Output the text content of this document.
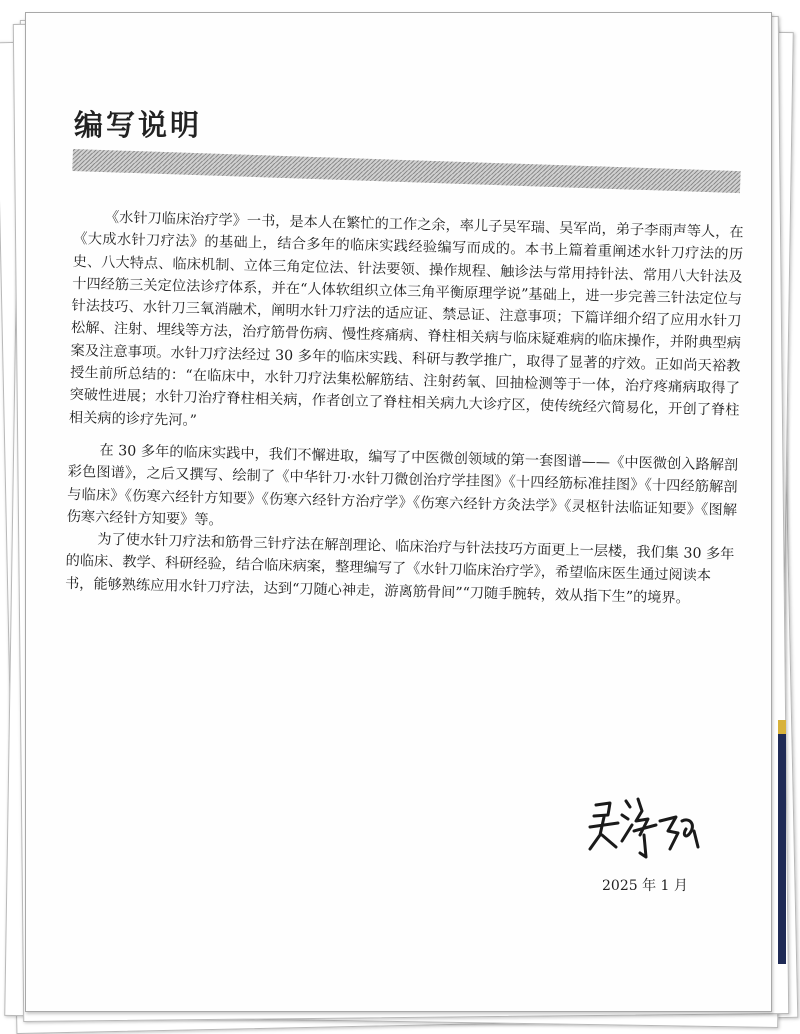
编写说明

《水针刀临床治疗学》一书，是本人在繁忙的工作之余，率儿子吴军瑞、吴军尚，弟子李雨声等人，在《大成水针刀疗法》的基础上，结合多年的临床实践经验编写而成的。本书上篇着重阐述水针刀疗法的历史、八大特点、临床机制、立体三角定位法、针法要领、操作规程、触诊法与常用持针法、常用八大针法及十四经筋三关定位法诊疗体系，并在“人体软组织立体三角平衡原理学说”基础上，进一步完善三针法定位与针法技巧、水针刀三氧消融术，阐明水针刀疗法的适应证、禁忌证、注意事项；下篇详细介绍了应用水针刀松解、注射、埋线等方法，治疗筋骨伤病、慢性疼痛病、脊柱相关病与临床疑难病的临床操作，并附典型病案及注意事项。水针刀疗法经过 30 多年的临床实践、科研与教学推广，取得了显著的疗效。正如尚天裕教授生前所总结的：“在临床中，水针刀疗法集松解筋结、注射药氧、回抽检测等于一体，治疗疼痛病取得了突破性进展；水针刀治疗脊柱相关病，作者创立了脊柱相关病九大诊疗区，使传统经穴简易化，开创了脊柱相关病的诊疗先河。”

在 30 多年的临床实践中，我们不懈进取，编写了中医微创领域的第一套图谱——《中医微创入路解剖彩色图谱》，之后又撰写、绘制了《中华针刀·水针刀微创治疗学挂图》《十四经筋标准挂图》《十四经筋解剖与临床》《伤寒六经针方知要》《伤寒六经针方治疗学》《伤寒六经针方灸法学》《灵枢针法临证知要》《图解伤寒六经针方知要》等。

为了使水针刀疗法和筋骨三针疗法在解剖理论、临床治疗与针法技巧方面更上一层楼，我们集 30 多年的临床、教学、科研经验，结合临床病案，整理编写了《水针刀临床治疗学》，希望临床医生通过阅读本书，能够熟练应用水针刀疗法，达到“刀随心神走，游离筋骨间”“刀随手腕转，效从指下生”的境界。

2025 年 1 月
